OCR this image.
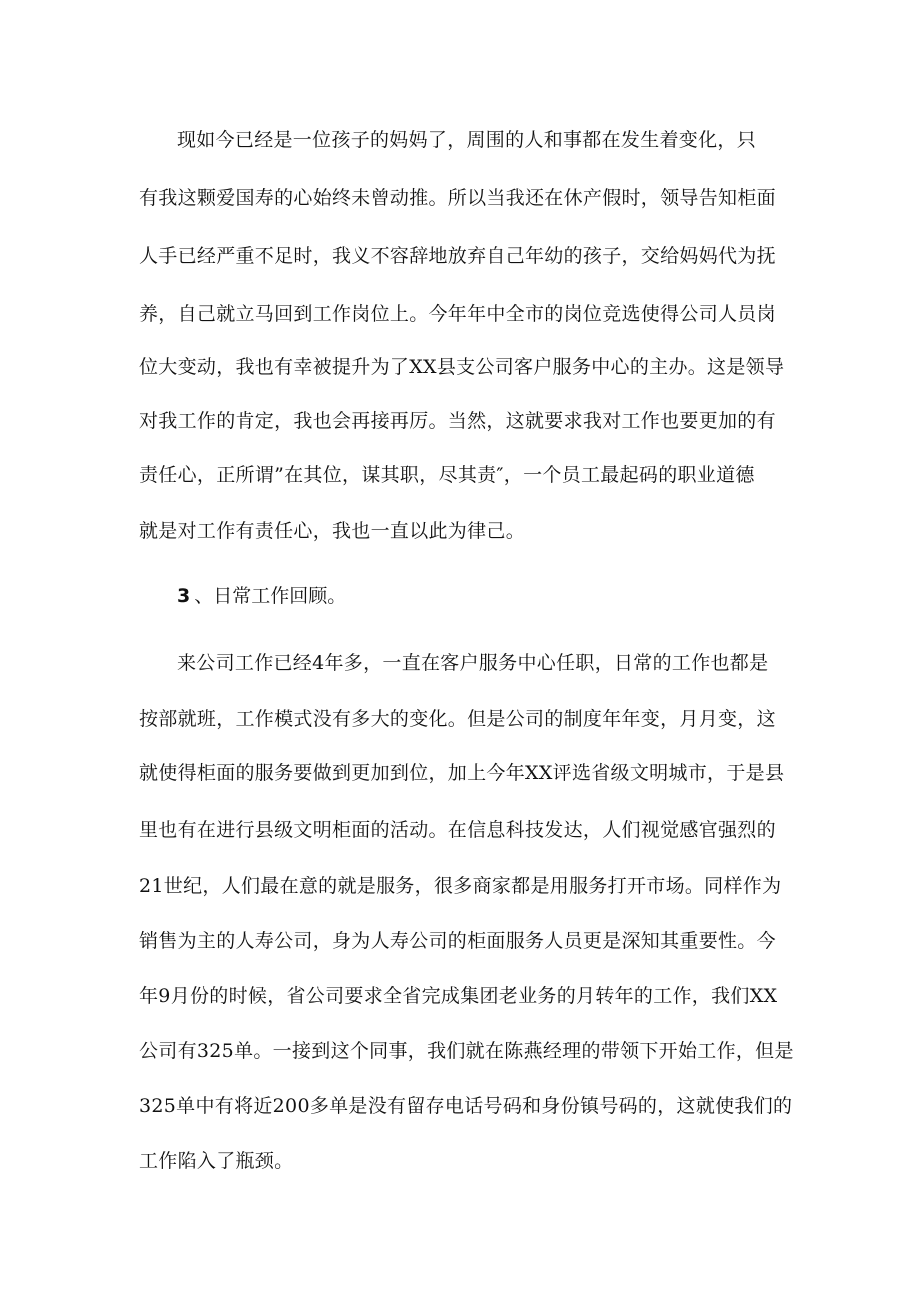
现如今已经是一位孩子的妈妈了，周围的人和事都在发生着变化，只

有我这颗爱国寿的心始终未曾动推。所以当我还在休产假时，领导告知柜面

人手已经严重不足时，我义不容辞地放弃自己年幼的孩子，交给妈妈代为抚

养，自己就立马回到工作岗位上。今年年中全市的岗位竞选使得公司人员岗

位大变动，我也有幸被提升为了XX县支公司客户服务中心的主办。这是领导

对我工作的肯定，我也会再接再厉。当然，这就要求我对工作也要更加的有

责任心，正所谓”在其位，谋其职，尽其责″，一个员工最起码的职业道德

就是对工作有责任心，我也一直以此为律己。

3 、日常工作回顾。

来公司工作已经4年多，一直在客户服务中心任职，日常的工作也都是

按部就班，工作模式没有多大的变化。但是公司的制度年年变，月月变，这

就使得柜面的服务要做到更加到位，加上今年XX评选省级文明城市，于是县

里也有在进行县级文明柜面的活动。在信息科技发达，人们视觉感官强烈的

21世纪，人们最在意的就是服务，很多商家都是用服务打开市场。同样作为

销售为主的人寿公司，身为人寿公司的柜面服务人员更是深知其重要性。今

年9月份的时候，省公司要求全省完成集团老业务的月转年的工作，我们XX

公司有325单。一接到这个同事，我们就在陈燕经理的带领下开始工作，但是

325单中有将近200多单是没有留存电话号码和身份镇号码的，这就使我们的

工作陷入了瓶颈。
